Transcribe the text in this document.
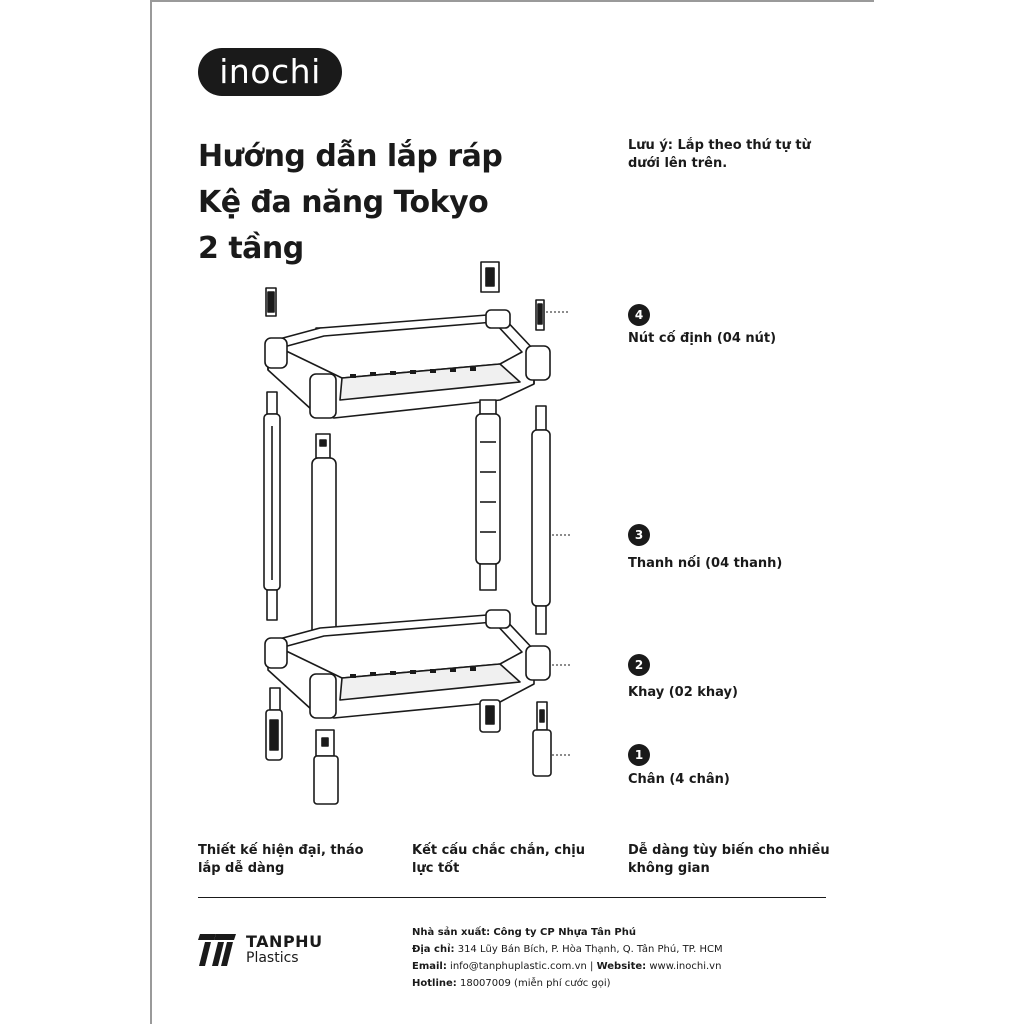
inochi
Hướng dẫn lắp ráp
Kệ đa năng Tokyo
2 tầng
Lưu ý: Lắp theo thứ tự từ dưới lên trên.
4
Nút cố định (04 nút)
3
Thanh nối (04 thanh)
2
Khay (02 khay)
1
Chân (4 chân)
Thiết kế hiện đại, tháo lắp dễ dàng
Kết cấu chắc chắn, chịu lực tốt
Dễ dàng tùy biến cho nhiều không gian
TANPHU
Plastics
Nhà sản xuất: Công ty CP Nhựa Tân Phú
Địa chỉ: 314 Lũy Bán Bích, P. Hòa Thạnh, Q. Tân Phú, TP. HCM
Email: info@tanphuplastic.com.vn | Website: www.inochi.vn
Hotline: 18007009 (miễn phí cước gọi)
